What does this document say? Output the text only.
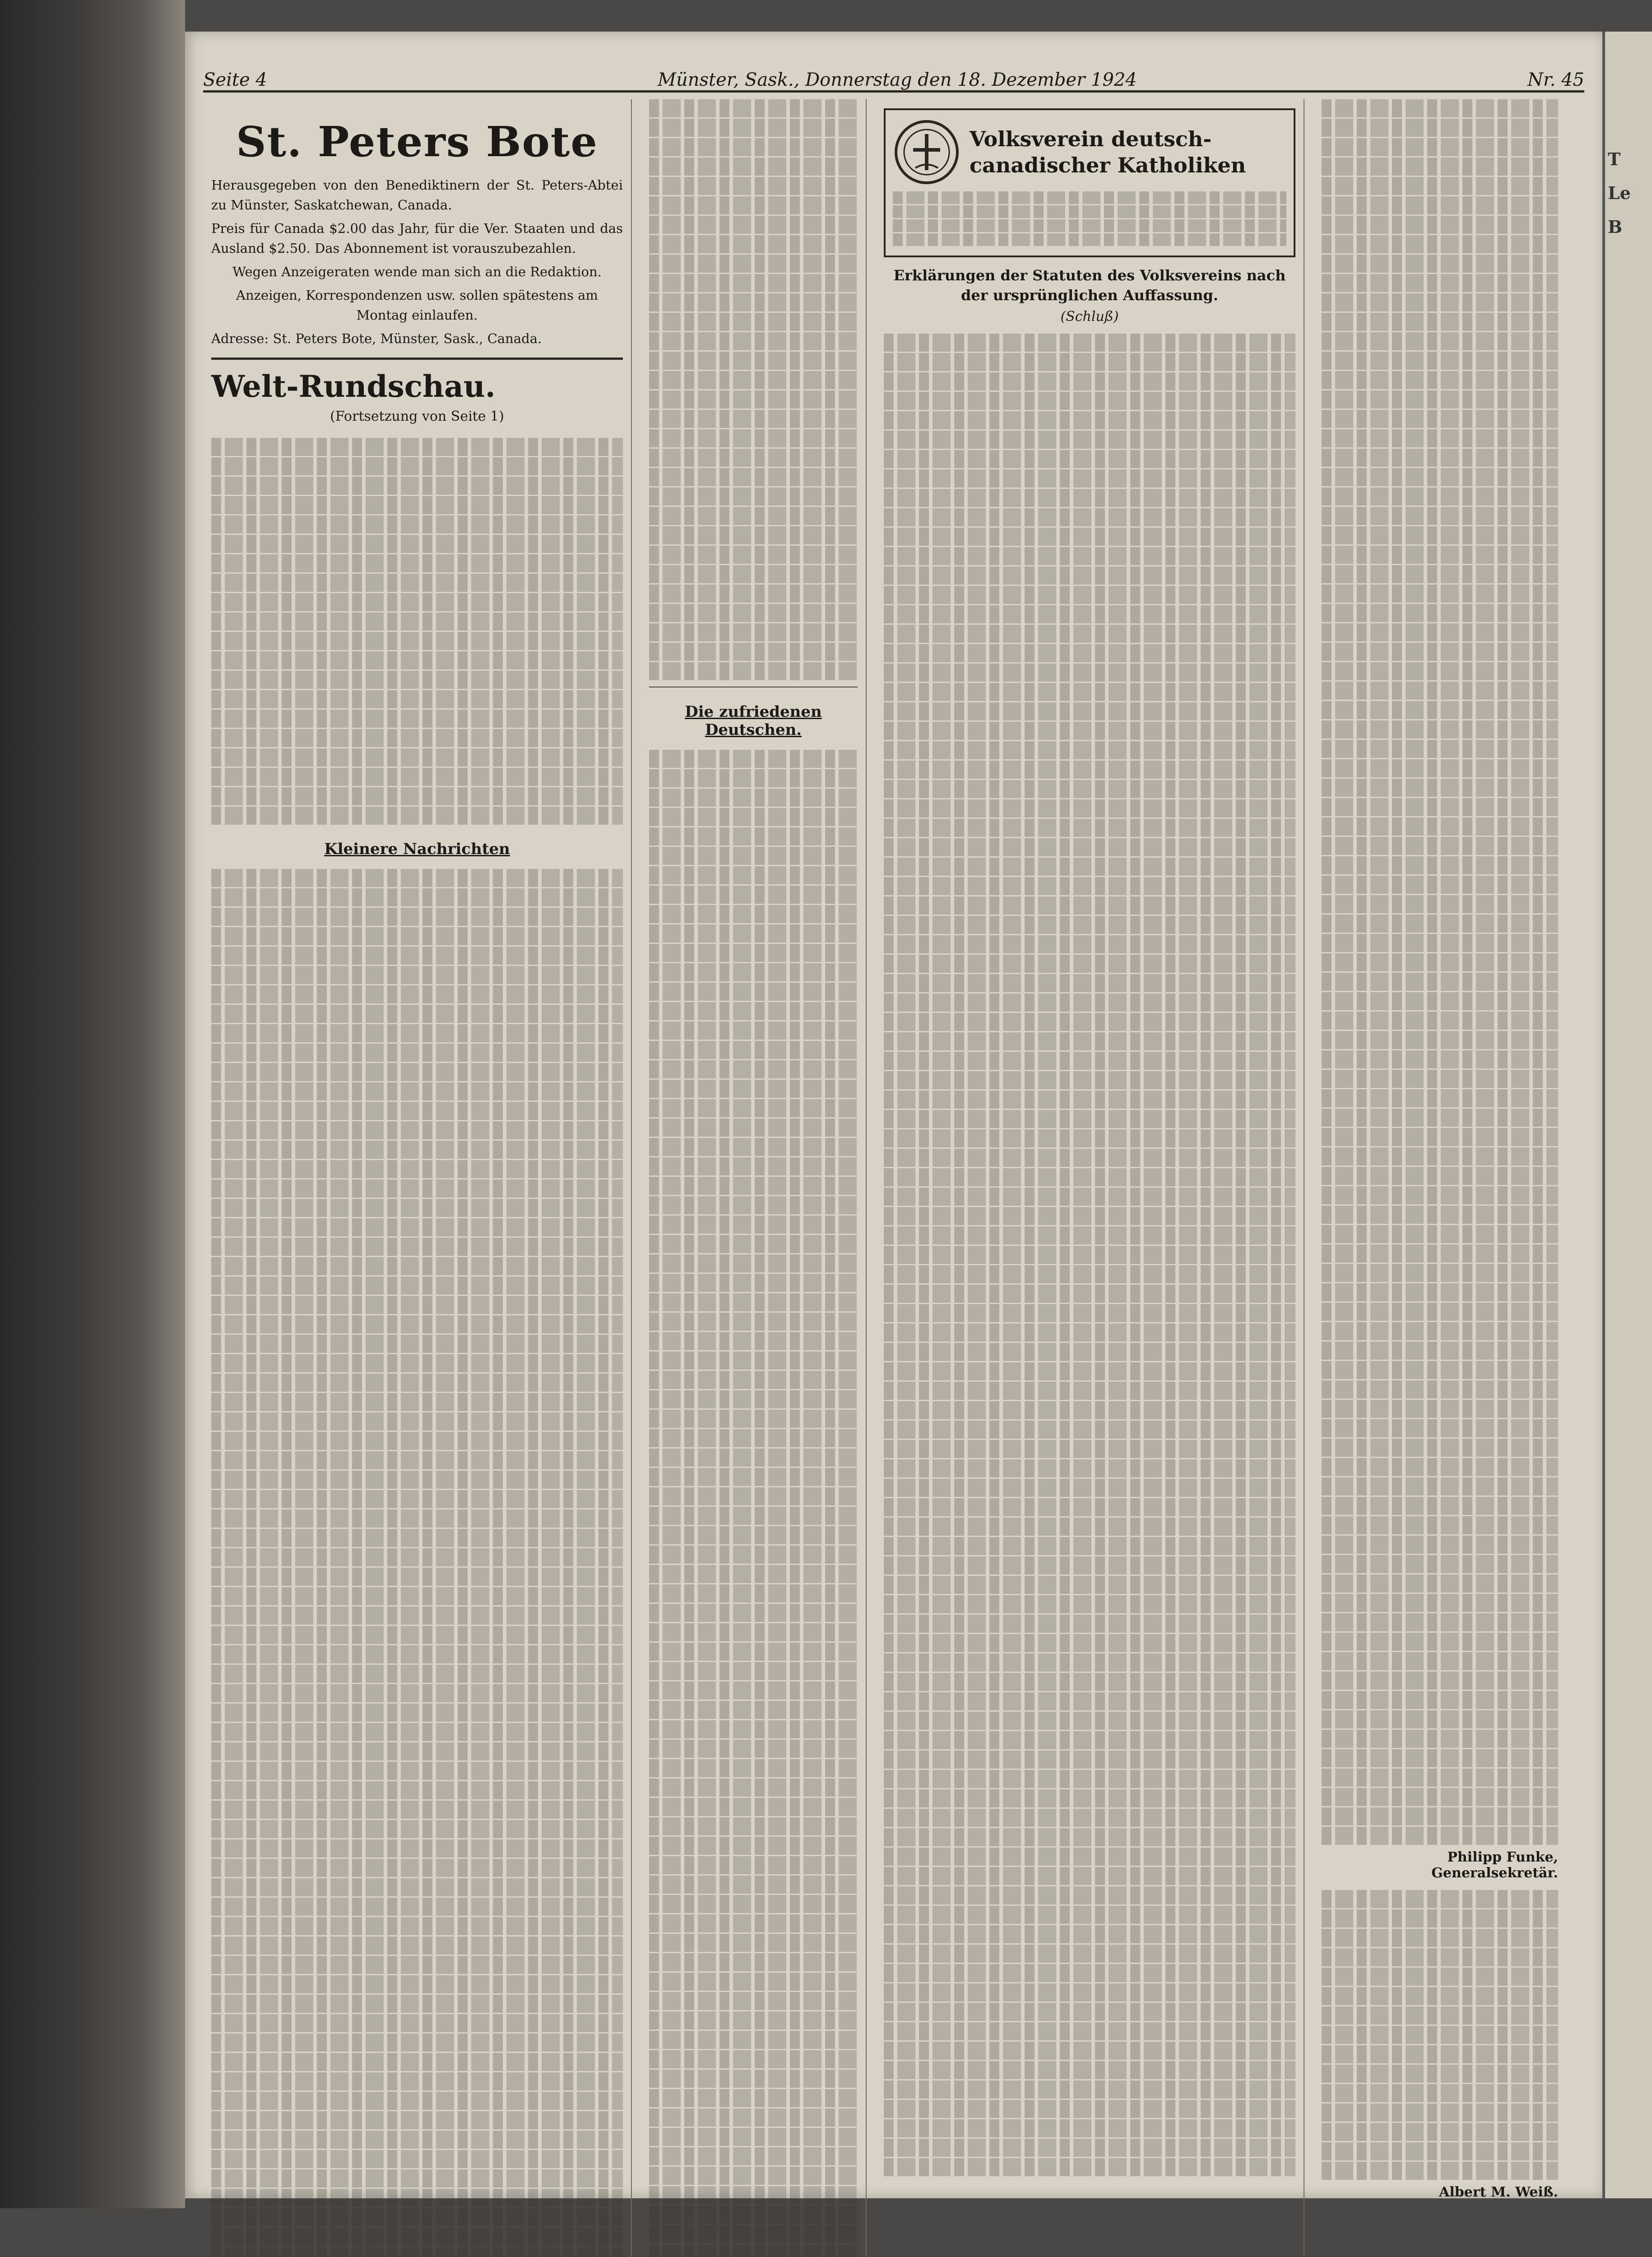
Seite 4	Münster, Sask., Donnerstag den 18. Dezember 1924	Nr. 45
St. Peters Bote

Herausgegeben von den Benediktinern der St. Peters-Abtei zu Münster, Saskatchewan, Canada.

Preis für Canada $2.00 das Jahr, für die Ver. Staaten und das Ausland $2.50. Das Abonnement ist vorauszubezahlen.

Wegen Anzeigeraten wende man sich an die Redaktion.

Anzeigen, Korrespondenzen usw. sollen spätestens am Montag einlaufen.

Adresse: St. Peters Bote, Münster, Sask., Canada.

Welt-Rundschau.
(Fortsetzung von Seite 1)
Kleinere Nachrichten
Die zufriedenen Deutschen.
Volksverein deutsch-canadischer Katholiken
Erklärungen der Statuten des Volksvereins nach der ursprünglichen Auffassung.
(Schluß)
Philipp Funke, Generalsekretär.
Albert M. Weiß.
T
Le
B
